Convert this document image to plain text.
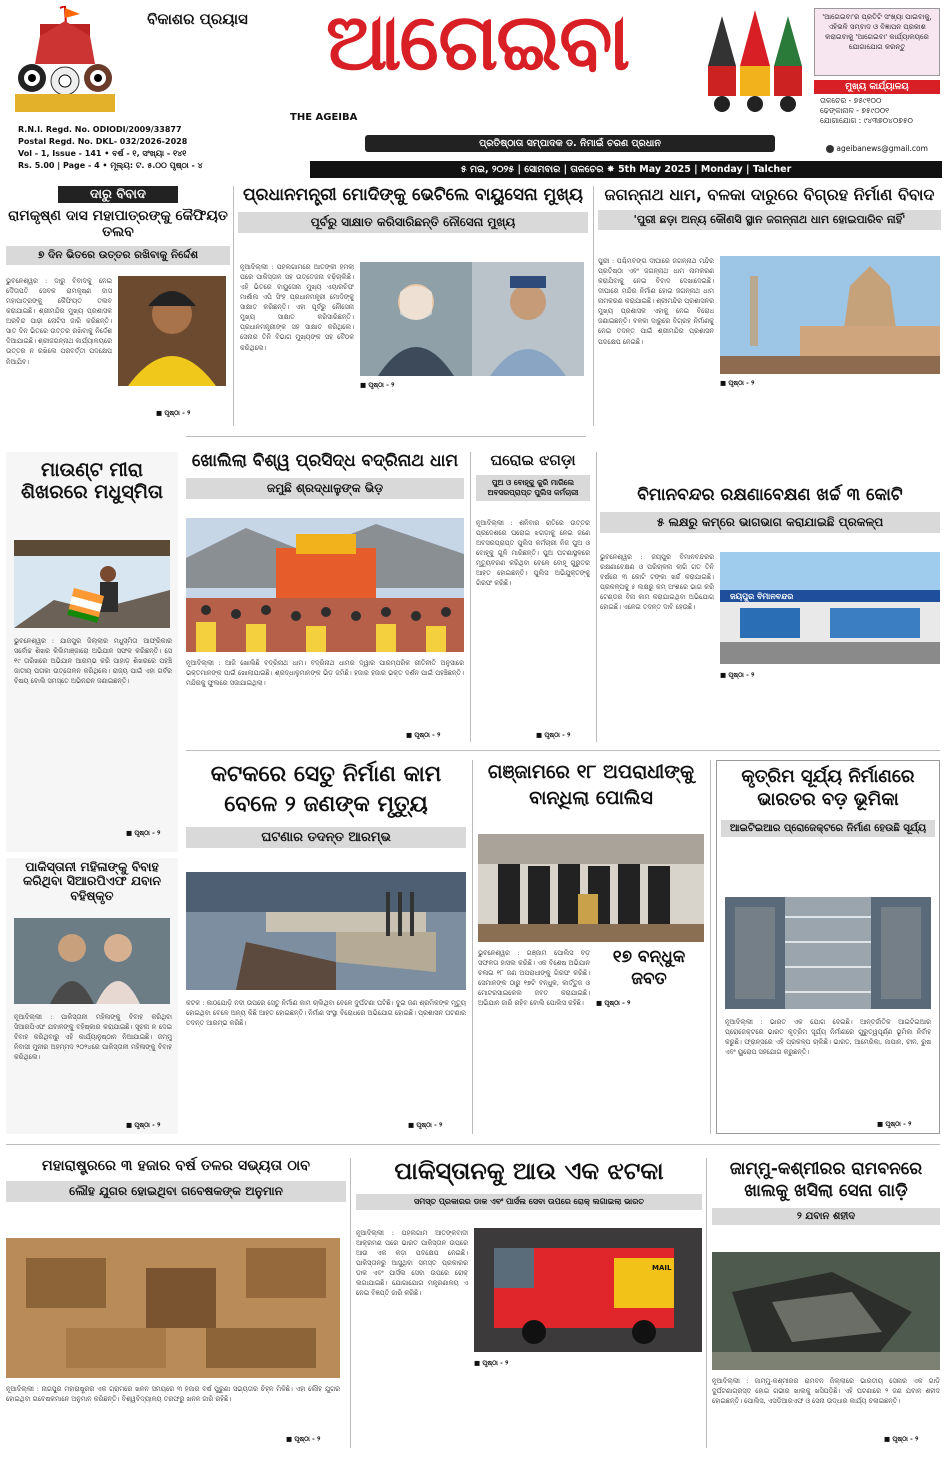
ବିକାଶର ପ୍ରୟାସ ଆଗେଇବା
THE AGEIBA
'ଆଗେଇବା'ର ପ୍ରତିଟି ସଂଖ୍ୟା ପାଇବାକୁ, ଏହିଭଳି ସମ୍ବାଦ ଓ ବିଜ୍ଞାପନ ପ୍ରକାଶ କରାଇବାକୁ 'ଆଗେଇବା' କାର୍ଯ୍ୟାଳୟରେ ଯୋଗାଯୋଗ କରନ୍ତୁ
ମୁଖ୍ୟ କାର୍ଯ୍ୟାଳୟ
ତାଳଚେର - ୭୫୯୧୦୦
ଢେଙ୍କାନାଳ - ୭୫୯୦୦୧
ଯୋଗାଯୋଗ : ୯୪୩୭୦୪୦୭୫୦
R.N.I. Regd. No. ODIODI/2009/33877
Postal Regd. No. DKL- 032/2026-2028
Vol - 1, Issue - 141 • ବର୍ଷ - ୧, ସଂଖ୍ୟା - ୧୪୧
Rs. 5.00 | Page - 4 • ମୂଲ୍ୟ: ଟ. ୫.୦୦ ପୃଷ୍ଠା - ୪
ପ୍ରତିଷ୍ଠାତା ସମ୍ପାଦକ ଡ. ନିମାଇଁ ଚରଣ ପ୍ରଧାନ	ageibanews@gmail.com
୫ ମଇ, ୨୦୨୫ | ସୋମବାର | ତାଳଚେର ✸ 5th May 2025 | Monday | Talcher
ଦାରୁ ବିବାଦ
ରାମକୃଷ୍ଣ ଦାସ ମହାପାତ୍ରଙ୍କୁ କୈଫିୟତ ତଲବ
୭ ଦିନ ଭିତରେ ଉତ୍ତର ରଖିବାକୁ ନିର୍ଦ୍ଦେଶ
ଭୁବନେଶ୍ୱର : ଦାରୁ ବିବାଦକୁ ନେଇ ଦୈତାପତି ସେବକ ରାମକୃଷ୍ଣ ଦାସ ମହାପାତ୍ରଙ୍କୁ କୈଫିୟତ ତଲବ କରାଯାଇଛି। ଶ୍ରୀମନ୍ଦିର ମୁଖ୍ୟ ପ୍ରଶାସକ ଅରବିନ୍ଦ ପାଢ଼ୀ ନୋଟିସ ଜାରି କରିଛନ୍ତି। ସାତ ଦିନ ଭିତରେ ଉତ୍ତର ରଖିବାକୁ ନିର୍ଦ୍ଦେଶ ଦିଆଯାଇଛି। ଶ୍ରୀଜଗନ୍ନାଥ କାର୍ଯ୍ୟାଳୟରେ ଉତ୍ତର ନ ରଖିଲେ ପରବର୍ତ୍ତୀ ପଦକ୍ଷେପ ନିଆଯିବ।
■ ପୃଷ୍ଠା - ୨
ପ୍ରଧାନମନ୍ତ୍ରୀ ମୋଦିଙ୍କୁ ଭେଟିଲେ ବାୟୁସେନା ମୁଖ୍ୟ
ପୂର୍ବରୁ ସାକ୍ଷାତ କରିସାରିଛନ୍ତି ନୌସେନା ମୁଖ୍ୟ
ନୂଆଦିଲ୍ଲୀ : ପହଲଗାମରେ ଆତଙ୍କୀ ହମଲା ପରେ ପାକିସ୍ତାନ ସହ ଉତ୍ତେଜନା ବଢ଼ିଚାଲିଛି। ଏହି ଭିତରେ ବାୟୁସେନା ମୁଖ୍ୟ ଏୟାରଚିଫ ମାର୍ଶାଲ ଏପି ସିଂହ ପ୍ରଧାନମନ୍ତ୍ରୀ ମୋଦିଙ୍କୁ ସାକ୍ଷାତ କରିଛନ୍ତି। ଏହା ପୂର୍ବରୁ ନୌସେନା ମୁଖ୍ୟ ସାକ୍ଷାତ କରିସାରିଛନ୍ତି। ପ୍ରଧାନମନ୍ତ୍ରୀଙ୍କ ସହ ସାକ୍ଷାତ କରିଥିଲେ। ସେନାର ତିନି ବିଭାଗ ମୁଖ୍ୟଙ୍କ ସହ ବୈଠକ କରିଥିଲେ।
■ ପୃଷ୍ଠା - ୨
ଜଗନ୍ନାଥ ଧାମ, ବଳକା ଦାରୁରେ ବିଗ୍ରହ ନିର୍ମାଣ ବିବାଦ
'ପୁରୀ ଛଡ଼ା ଅନ୍ୟ କୌଣସି ସ୍ଥାନ ଜଗନ୍ନାଥ ଧାମ ହୋଇପାରିବ ନାହିଁ'
ପୁରୀ : ପଶ୍ଚିମବଙ୍ଗ ଦୀଘାରେ ଜଗନ୍ନାଥ ମନ୍ଦିର ପ୍ରତିଷ୍ଠା ଏବଂ ଜଗନ୍ନାଥ ଧାମ ନାମକରଣ କରାଯିବାକୁ ନେଇ ବିବାଦ ଦେଖାଦେଇଛି। ଦୀଘାରେ ମନ୍ଦିର ନିର୍ମାଣ ହୋଇ ଜଗନ୍ନାଥ ଧାମ ନାମକରଣ କରାଯାଇଛି। ଶ୍ରୀମନ୍ଦିର ପ୍ରଶାସନର ମୁଖ୍ୟ ପ୍ରଶାସକ ଏହାକୁ ନେଇ ବିରୋଧ ଜଣାଇଛନ୍ତି। ବଳକା ଦାରୁରେ ବିଗ୍ରହ ନିର୍ମାଣକୁ ନେଇ ତଦନ୍ତ ପାଇଁ ଶ୍ରୀମନ୍ଦିର ପ୍ରଶାସନ ପଦକ୍ଷେପ ନେଇଛି।
■ ପୃଷ୍ଠା - ୨
ମାଉଣ୍ଟ ମୀରା ଶିଖରରେ ମଧୁସ୍ମିତା
ଭୁବନେଶ୍ୱର : ଯାଜପୁର ଜିଲ୍ଲାର ମଧୁସ୍ମିତା ଆଫ୍ରିକାର ସର୍ବୋଚ୍ଚ ଶିଖର କିଲିମାଞ୍ଜାରୋ ଅଭିଯାନ ସଫଳ କରିଛନ୍ତି। ସେ ୧୯ ତାରିଖରେ ଅଭିଯାନ ଆରମ୍ଭ କରି ପାହାଡ଼ ଶିଖରରେ ପହଞ୍ଚି ଜାତୀୟ ପତାକା ଉତ୍ତୋଳନ କରିଥିଲେ। ରାଜ୍ୟ ପାଇଁ ଏହା ଗର୍ବର ବିଷୟ ବୋଲି ସମସ୍ତେ ଅଭିନନ୍ଦନ ଜଣାଇଛନ୍ତି।
■ ପୃଷ୍ଠା - ୨
ପାକିସ୍ତାନୀ ମହିଳାଙ୍କୁ ବିବାହ କରିଥିବା ସିଆରପିଏଫ ଯବାନ ବହିଷ୍କୃତ
ନୂଆଦିଲ୍ଲୀ : ପାକିସ୍ତାନୀ ମହିଳାଙ୍କୁ ବିବାହ କରିଥିବା ସିଆରପିଏଫ ଯବାନଙ୍କୁ ବହିଷ୍କାର କରାଯାଇଛି। ସୂଚନା ନ ଦେଇ ବିବାହ କରିଥିବାରୁ ଏହି କାର୍ଯ୍ୟାନୁଷ୍ଠାନ ନିଆଯାଇଛି। ଜମ୍ମୁ ନିବାସୀ ମୁନୀର ଅହମ୍ମଦ ୨୦୨୪ରେ ପାକିସ୍ତାନୀ ମହିଳାଙ୍କୁ ବିବାହ କରିଥିଲେ।
■ ପୃଷ୍ଠା - ୨
ଖୋଲିଲା ବିଶ୍ୱ ପ୍ରସିଦ୍ଧ ବଦ୍ରିନାଥ ଧାମ
ଜମୁଛି ଶ୍ରଦ୍ଧାଳୁଙ୍କ ଭିଡ଼
ନୂଆଦିଲ୍ଲୀ : ଆଜି ଖୋଲିଛି ବଦ୍ରିନାଥ ଧାମ। ବଦ୍ରିନାଥ ଧାମର ଦ୍ୱାର ପାରମ୍ପରିକ ରୀତିନୀତି ଅନୁସାରେ ଭକ୍ତମାନଙ୍କ ପାଇଁ ଖୋଲାଯାଇଛି। ଶ୍ରଦ୍ଧାଳୁମାନଙ୍କ ଭିଡ଼ ଜମିଛି। ହଜାର ହଜାର ଭକ୍ତ ଦର୍ଶନ ପାଇଁ ପହଞ୍ଚିଛନ୍ତି। ମନ୍ଦିରକୁ ଫୁଲରେ ସଜାଯାଇଥିଲା।
■ ପୃଷ୍ଠା - ୨
ଘରୋଇ ଝଗଡ଼ା
ପୁଅ ଓ ବୋହୂକୁ କୁରି ମାରିଲେ ଅବସରପ୍ରାପ୍ତ ପୁଲିସ କର୍ମଚାରୀ
ନୂଆଦିଲ୍ଲୀ : ଶନିବାର ରାତିରେ ଉତ୍ତର ପ୍ରଦେଶରେ ଘରୋଇ ଝଗଡ଼ାକୁ ନେଇ ଜଣେ ଅବସରପ୍ରାପ୍ତ ପୁଲିସ କର୍ମଚାରୀ ନିଜ ପୁଅ ଓ ବୋହୂକୁ ଗୁଳି ମାରିଛନ୍ତି। ପୁଅ ଘଟଣାସ୍ଥଳରେ ମୃତ୍ୟୁବରଣ କରିଥିବା ବେଳେ ବୋହୂ ଗୁରୁତର ଆହତ ହୋଇଛନ୍ତି। ପୁଲିସ ଅଭିଯୁକ୍ତଙ୍କୁ ଗିରଫ କରିଛି।
■ ପୃଷ୍ଠା - ୨
ବିମାନବନ୍ଦର ରକ୍ଷଣାବେକ୍ଷଣ ଖର୍ଚ୍ଚ ୩ କୋଟି
୫ ଲକ୍ଷରୁ କମ୍‌ରେ ଭାଗଭାଗ କରାଯାଇଛି ପ୍ରକଳ୍ପ
ଭୁବନେଶ୍ୱର : ଜୟପୁର ବିମାନବନ୍ଦରର ରକ୍ଷଣାବେକ୍ଷଣ ଓ ପରିଚାଳନା ଲାଗି ଗତ ତିନି ବର୍ଷରେ ୩ କୋଟି ଟଙ୍କା ଖର୍ଚ୍ଚ କରାଯାଇଛି। ପ୍ରକଳ୍ପକୁ ୫ ଲକ୍ଷରୁ କମ୍ ଅଂଶରେ ଭାଗ କରି ଟେଣ୍ଡର ବିନା କାମ କରାଯାଇଥିବା ଅଭିଯୋଗ ହୋଇଛି। ଏନେଇ ତଦନ୍ତ ଦାବି ହେଉଛି।
ଜୟପୁର ବିମାନବନ୍ଦର
■ ପୃଷ୍ଠା - ୨
କଟକରେ ସେତୁ ନିର୍ମାଣ କାମ ବେଳେ ୨ ଜଣଙ୍କ ମୃତ୍ୟୁ
ଘଟଣାର ତଦନ୍ତ ଆରମ୍ଭ
କଟକ : କାଠଯୋଡ଼ି ନଦୀ ଉପରେ ସେତୁ ନିର୍ମାଣ କାମ ଚାଲିଥିବା ବେଳେ ଦୁର୍ଘଟଣା ଘଟିଛି। ଦୁଇ ଜଣ ଶ୍ରମିକଙ୍କ ମୃତ୍ୟୁ ହୋଇଥିବା ବେଳେ ଅନ୍ୟ କିଛି ଆହତ ହୋଇଛନ୍ତି। ନିର୍ମାଣ ସଂସ୍ଥା ବିରୋଧରେ ଅଭିଯୋଗ ହୋଇଛି। ପ୍ରଶାସନ ଘଟଣାର ତଦନ୍ତ ଆରମ୍ଭ କରିଛି।
■ ପୃଷ୍ଠା - ୨
ଗଞ୍ଜାମରେ ୧୮ ଅପରାଧୀଙ୍କୁ ବାନ୍ଧିଲା ପୋଲିସ
୧୭ ବନ୍ଧୁକ ଜବତ
ଭୁବନେଶ୍ୱର : ଗଞ୍ଜାମ ପୋଲିସ ବଡ଼ ସଫଳତା ହାସଲ କରିଛି। ଏକ ବିଶେଷ ଅଭିଯାନ ଚଳାଇ ୧୮ ଜଣ ଅପରାଧୀଙ୍କୁ ଗିରଫ କରିଛି। ସେମାନଙ୍କ ଠାରୁ ୧୭ଟି ବନ୍ଧୁକ, କାର୍ତ୍ତୁଜ ଓ ମୋଟରସାଇକେଲ ଜବତ କରାଯାଇଛି। ଅଭିଯାନ ଜାରି ରହିବ ବୋଲି ପୋଲିସ କହିଛି।	■ ପୃଷ୍ଠା - ୨
କୃତ୍ରିମ ସୂର୍ଯ୍ୟ ନିର୍ମାଣରେ ଭାରତର ବଡ଼ ଭୂମିକା
ଆଇଟିଇଆର ପ୍ରୋଜେକ୍ଟରେ ନିର୍ମାଣ ହେଉଛି ସୂର୍ଯ୍ୟ
ନୂଆଦିଲ୍ଲୀ : ଭାରତ ଏକ ଯୋଗ ଦେଇଛି। ଆନ୍ତର୍ଜାତିକ ଆଇଟିଇଆର ପ୍ରୋଜେକ୍ଟରେ ଭାରତ କୃତ୍ରିମ ସୂର୍ଯ୍ୟ ନିର୍ମାଣରେ ଗୁରୁତ୍ୱପୂର୍ଣ୍ଣ ଭୂମିକା ନିର୍ବାହ କରୁଛି। ଫ୍ରାନ୍ସରେ ଏହି ପ୍ରକଳ୍ପ ଚାଲିଛି। ଭାରତ, ଆମେରିକା, ଜାପାନ, ଚୀନ, ରୁଷ ଏବଂ ୟୁରୋପ ସହଯୋଗ କରୁଛନ୍ତି।
■ ପୃଷ୍ଠା - ୨
ମହାରାଷ୍ଟ୍ରରେ ୩ ହଜାର ବର୍ଷ ତଳର ସଭ୍ୟତା ଠାବ
ଲୌହ ଯୁଗର ହୋଇଥିବା ଗବେଷକଙ୍କ ଅନୁମାନ
ନୂଆଦିଲ୍ଲୀ : ନାଗପୁର ମହାରାଷ୍ଟ୍ରର ଏକ ଗ୍ରାମରେ ଖନନ ସମୟରେ ୩ ହଜାର ବର୍ଷ ପୁରୁଣା ସଭ୍ୟତାର ଚିହ୍ନ ମିଳିଛି। ଏହା ଲୌହ ଯୁଗର ହୋଇଥିବା ଗବେଷକମାନେ ଅନୁମାନ କରିଛନ୍ତି। ବିଶ୍ୱବିଦ୍ୟାଳୟ ତରଫରୁ ଖନନ ଜାରି ରହିଛି।
■ ପୃଷ୍ଠା - ୨
ପାକିସ୍ତାନକୁ ଆଉ ଏକ ଝଟକା
ସମସ୍ତ ପ୍ରକାରର ଡାକ ଏବଂ ପାର୍ସଲ ସେବା ଉପରେ ରୋକ୍ ଲଗାଇଲା ଭାରତ
ନୂଆଦିଲ୍ଲୀ : ପହଲଗାମ ଆତଙ୍କବାଦୀ ଆକ୍ରମଣ ପରେ ଭାରତ ପାକିସ୍ତାନ ଉପରେ ଆଉ ଏକ କଡ଼ା ପଦକ୍ଷେପ ନେଇଛି। ପାକିସ୍ତାନରୁ ଆସୁଥିବା ସମସ୍ତ ପ୍ରକାରର ଡାକ ଏବଂ ପାର୍ସଲ ସେବା ଉପରେ ରୋକ୍ ଲଗାଯାଇଛି। ଯୋଗାଯୋଗ ମନ୍ତ୍ରଣାଳୟ ଏ ନେଇ ବିଜ୍ଞପ୍ତି ଜାରି କରିଛି।
MAIL
■ ପୃଷ୍ଠା - ୨
ଜାମ୍ମୁ-କଶ୍ମୀରର ରାମବନରେ ଖାଲକୁ ଖସିଲା ସେନା ଗାଡ଼ି
୨ ଯବାନ ଶହୀଦ
ନୂଆଦିଲ୍ଲୀ : ଜାମ୍ମୁ-କଶ୍ମୀରର ରାମବନ ଜିଲ୍ଲାରେ ଭାରତୀୟ ସେନାର ଏକ ଗାଡ଼ି ଦୁର୍ଘଟଣାଗ୍ରସ୍ତ ହୋଇ ଗଭୀର ଖାଲକୁ ଖସିପଡ଼ିଛି। ଏହି ଘଟଣାରେ ୨ ଜଣ ଯବାନ ଶହୀଦ ହୋଇଛନ୍ତି। ପୋଲିସ, ଏସଡିଆରଏଫ ଓ ସେନା ଉଦ୍ଧାର କାର୍ଯ୍ୟ ଚଳାଇଛନ୍ତି।
■ ପୃଷ୍ଠା - ୨
